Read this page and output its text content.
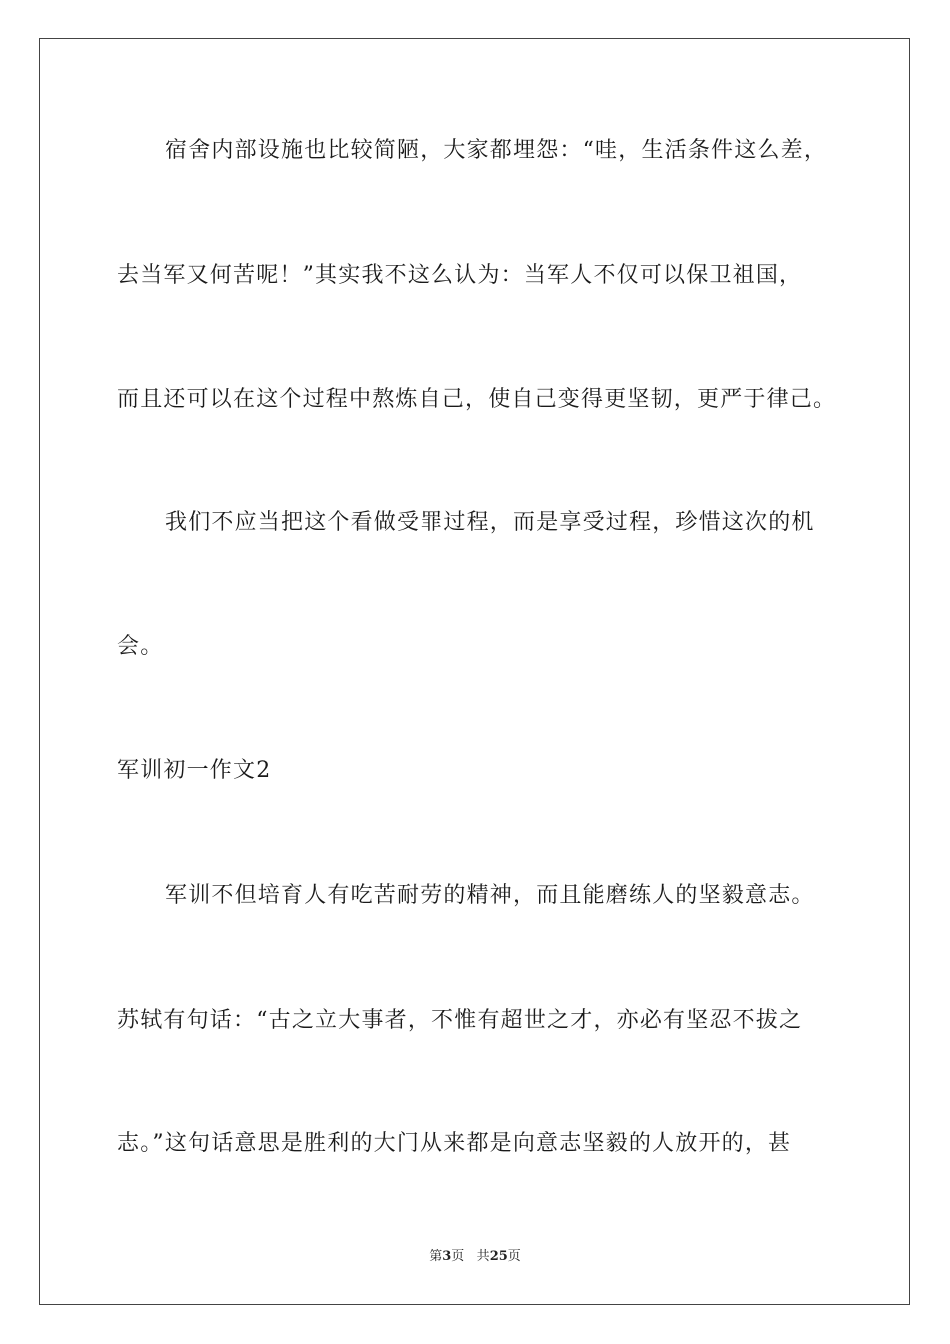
宿舍内部设施也比较简陋，大家都埋怨：“哇，生活条件这么差，
去当军又何苦呢！”其实我不这么认为：当军人不仅可以保卫祖国，
而且还可以在这个过程中熬炼自己，使自己变得更坚韧，更严于律己。
我们不应当把这个看做受罪过程，而是享受过程，珍惜这次的机
会。
军训初一作文2
军训不但培育人有吃苦耐劳的精神，而且能磨练人的坚毅意志。
苏轼有句话：“古之立大事者，不惟有超世之才，亦必有坚忍不拔之
志。”这句话意思是胜利的大门从来都是向意志坚毅的人放开的，甚
第3页 共25页
